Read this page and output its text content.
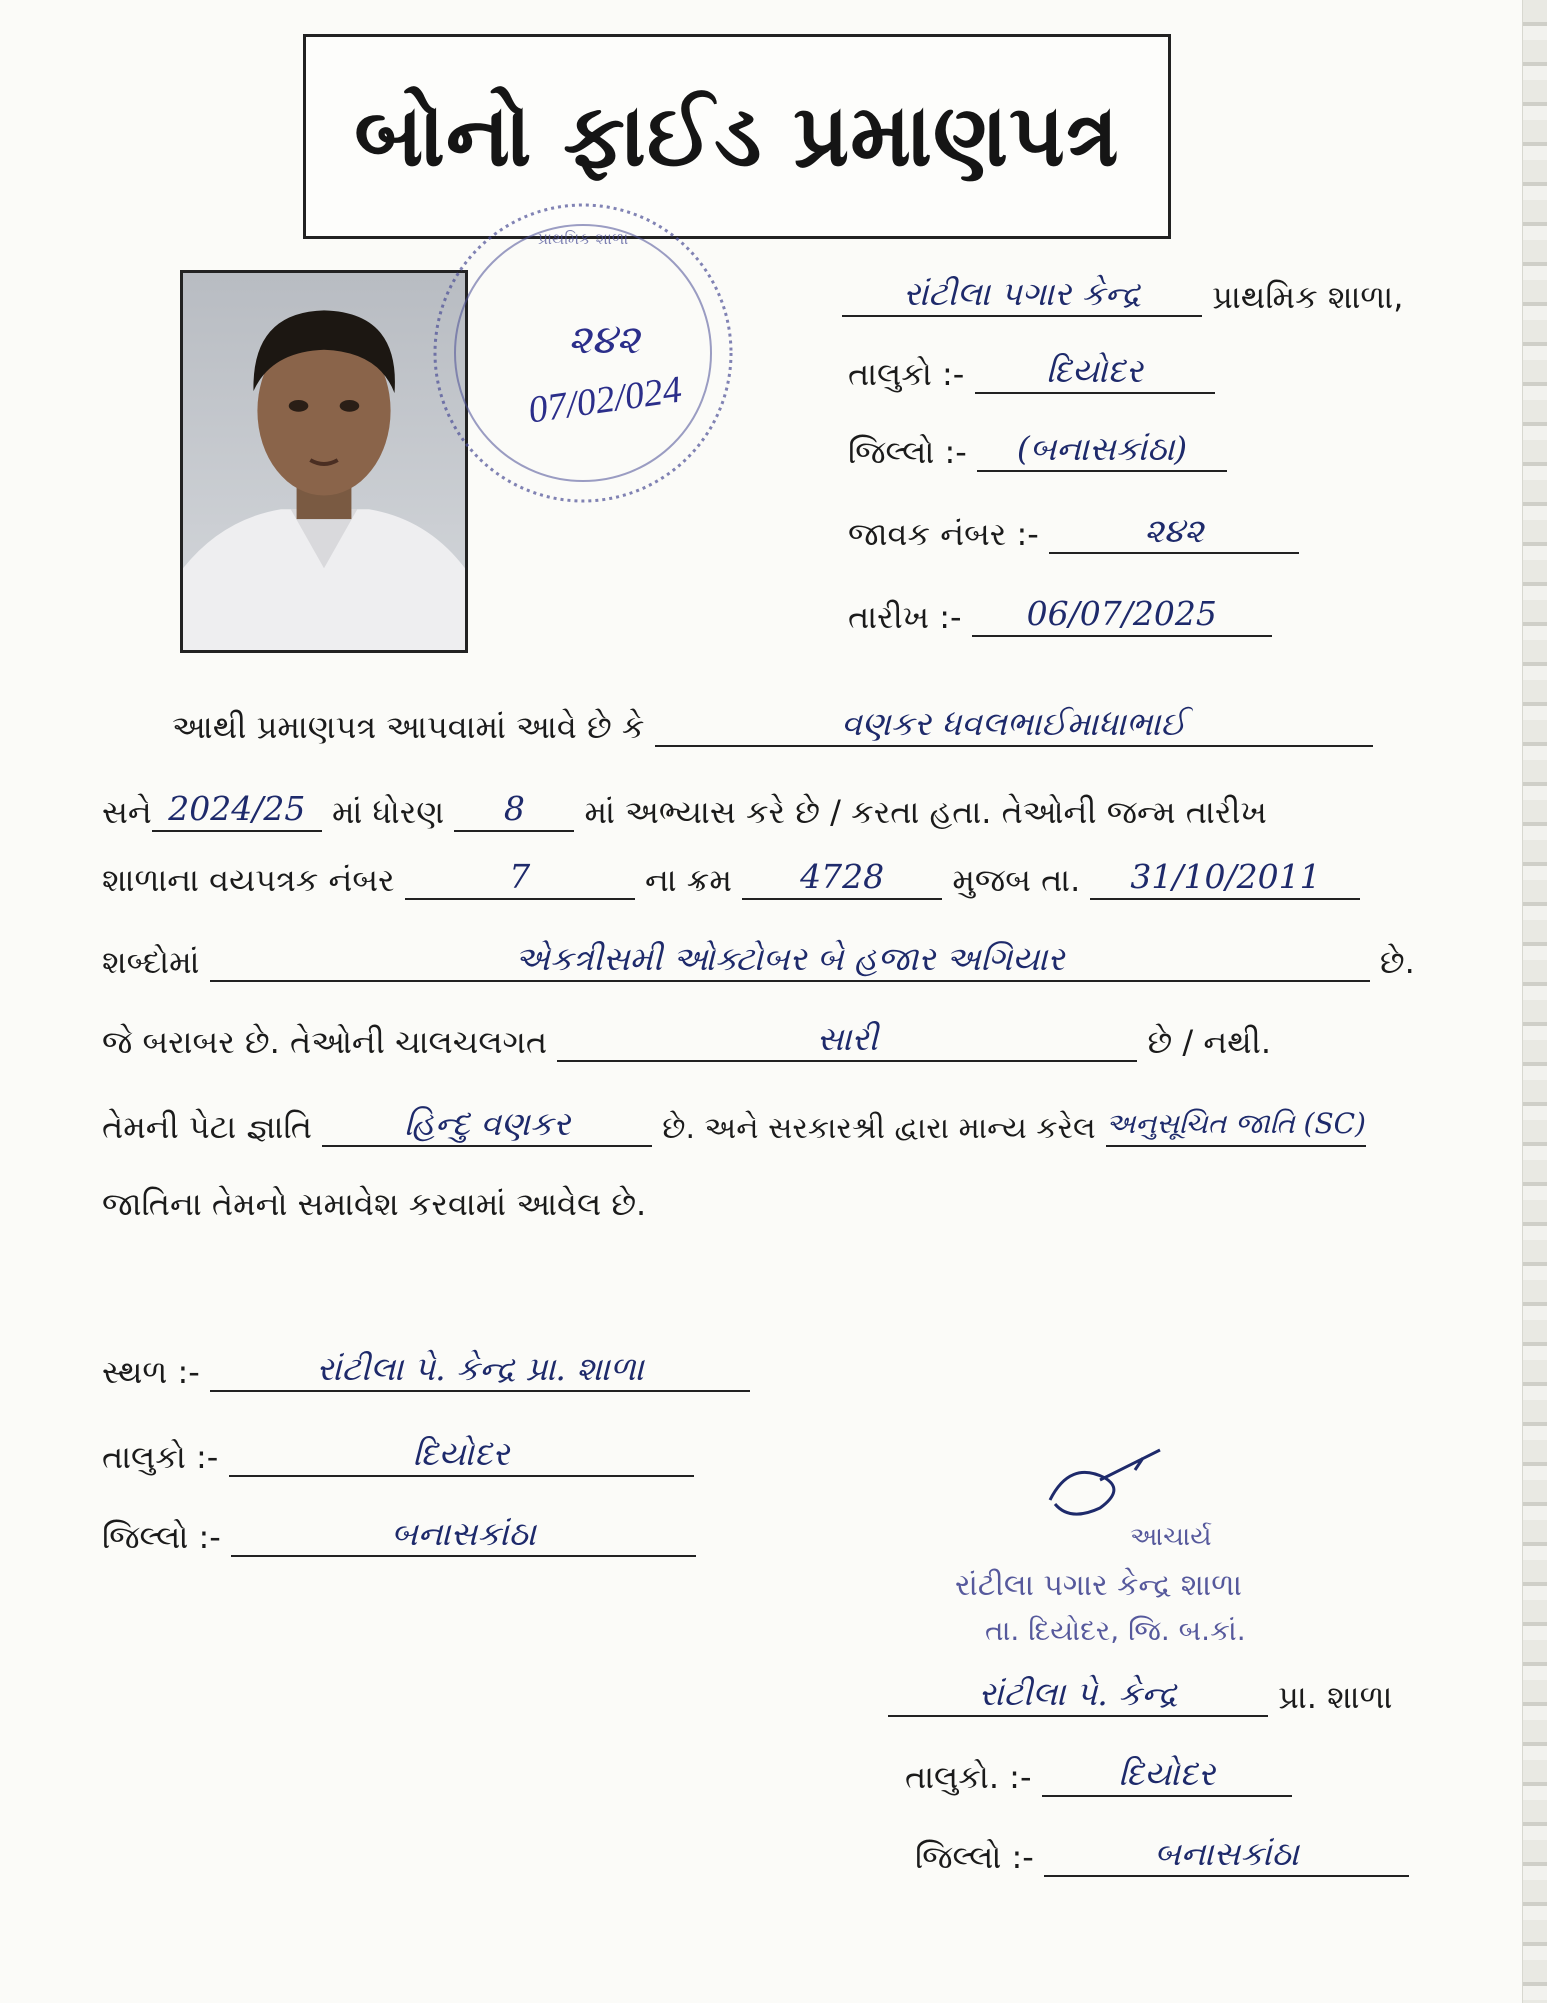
બોનો ફાઈડ પ્રમાણપત્ર
પ્રાથમિક શાળા
૨૪૨
07/02/024
રાંટીલા પગાર કેન્દ્ર પ્રાથમિક શાળા,
તાલુકો :- દિયોદર
જિલ્લો :- (બનાસકાંઠા)
જાવક નંબર :-	૨૪૨
તારીખ :- 06/07/2025
આથી પ્રમાણપત્ર આપવામાં આવે છે કે	વણકર ધવલભાઈમાધાભાઈ
સને 2024/25 માં ધોરણ 8 માં અભ્યાસ કરે છે / કરતા હતા. તેઓની જન્મ તારીખ
શાળાના વયપત્રક નંબર	7	ના ક્રમ 4728 મુજબ તા. 31/10/2011
શબ્દોમાં	એકત્રીસમી ઓક્ટોબર બે હજાર અગિયાર	છે.
જે બરાબર છે. તેઓની ચાલચલગત	સારી	છે / નથી.
તેમની પેટા જ્ઞાતિ	હિન્દુ વણકર	છે. અને સરકારશ્રી દ્વારા માન્ય કરેલ અનુસૂચિત જાતિ (SC)
જાતિના તેમનો સમાવેશ કરવામાં આવેલ છે.
સ્થળ :-	રાંટીલા પે. કેન્દ્ર પ્રા. શાળા
તાલુકો :-	દિયોદર
જિલ્લો :-	બનાસકાંઠા	આચાર્ય
રાંટીલા પગાર કેન્દ્ર શાળા
તા. દિયોદર, જિ. બ.કાં.
રાંટીલા પે. કેન્દ્ર	પ્રા. શાળા
તાલુકો. :-	દિયોદર
જિલ્લો :-	બનાસકાંઠા
